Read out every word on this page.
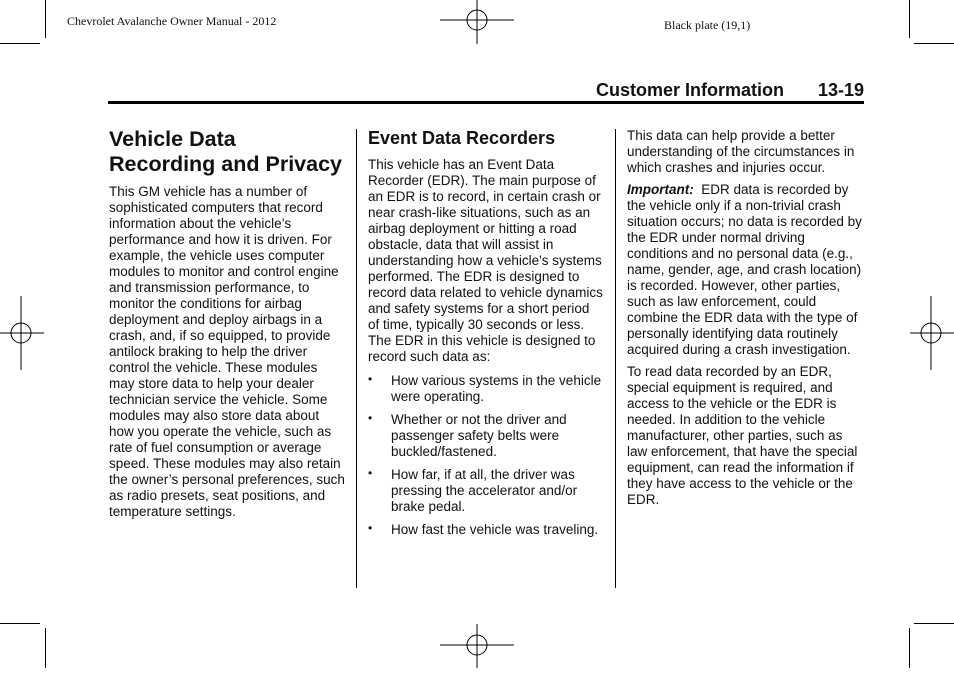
Chevrolet Avalanche Owner Manual - 2012	Black plate (19,1)
Customer Information 13-19
Vehicle Data Recording and Privacy

This GM vehicle has a number of sophisticated computers that record information about the vehicle’s performance and how it is driven. For example, the vehicle uses computer modules to monitor and control engine and transmission performance, to monitor the conditions for airbag deployment and deploy airbags in a crash, and, if so equipped, to provide antilock braking to help the driver control the vehicle. These modules may store data to help your dealer technician service the vehicle. Some modules may also store data about how you operate the vehicle, such as rate of fuel consumption or average speed. These modules may also retain the owner’s personal preferences, such as radio presets, seat positions, and temperature settings.

Event Data Recorders

This vehicle has an Event Data Recorder (EDR). The main purpose of an EDR is to record, in certain crash or near crash-like situations, such as an airbag deployment or hitting a road obstacle, data that will assist in understanding how a vehicle's systems performed. The EDR is designed to record data related to vehicle dynamics and safety systems for a short period of time, typically 30 seconds or less. The EDR in this vehicle is designed to record such data as:

• How various systems in the vehicle were operating.
• Whether or not the driver and passenger safety belts were buckled/fastened.
• How far, if at all, the driver was pressing the accelerator and/or brake pedal.
• How fast the vehicle was traveling.

This data can help provide a better understanding of the circumstances in which crashes and injuries occur.

Important: EDR data is recorded by the vehicle only if a non-trivial crash situation occurs; no data is recorded by the EDR under normal driving conditions and no personal data (e.g., name, gender, age, and crash location) is recorded. However, other parties, such as law enforcement, could combine the EDR data with the type of personally identifying data routinely acquired during a crash investigation.

To read data recorded by an EDR, special equipment is required, and access to the vehicle or the EDR is needed. In addition to the vehicle manufacturer, other parties, such as law enforcement, that have the special equipment, can read the information if they have access to the vehicle or the EDR.
